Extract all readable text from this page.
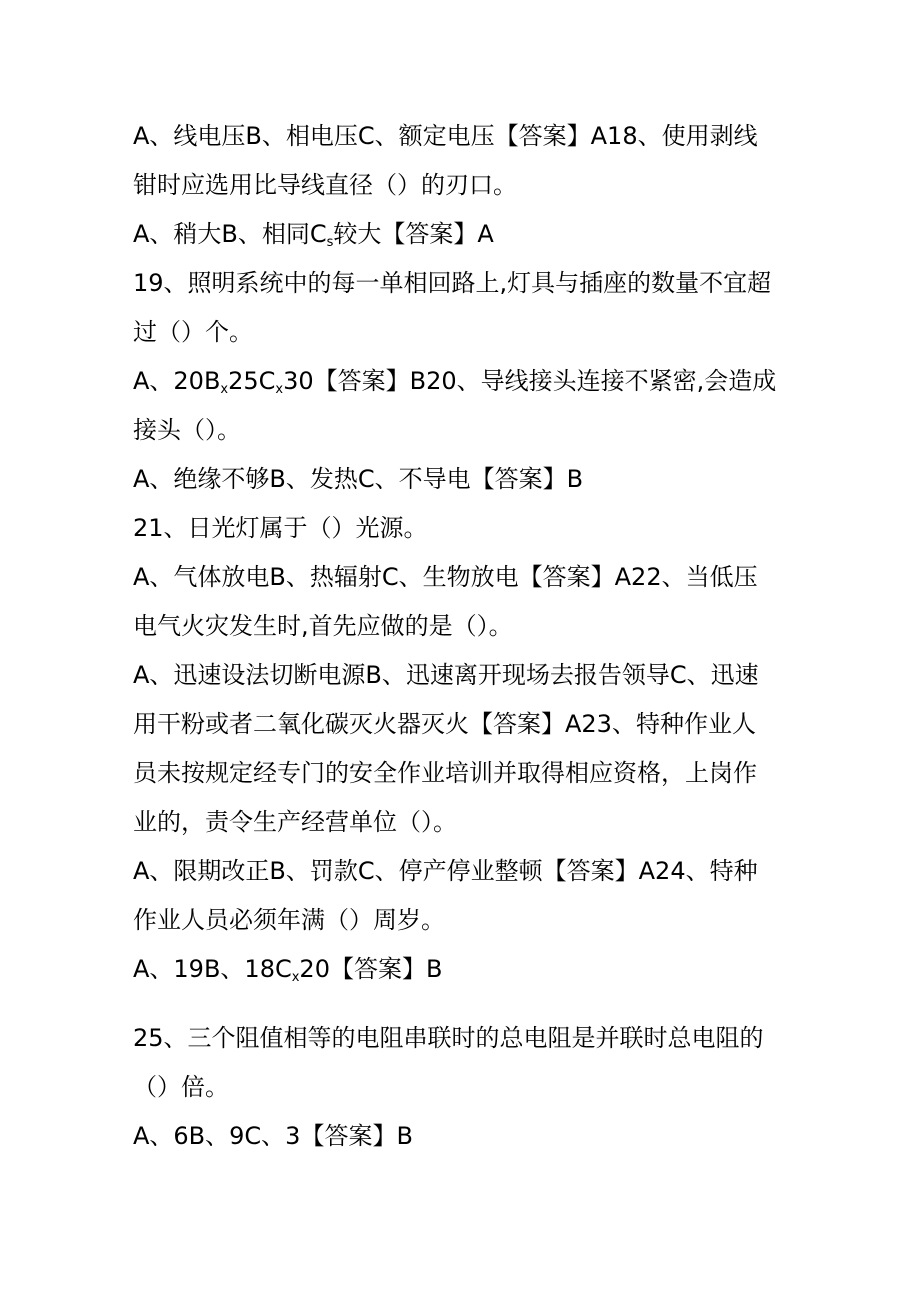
A、线电压B、相电压C、额定电压【答案】A18、使用剥线
钳时应选用比导线直径（）的刃口。
A、稍大B、相同$C_s$较大【答案】A
19、照明系统中的每一单相回路上,灯具与插座的数量不宜超
过（）个。
A、$20B_x25C_x30$【答案】B20、导线接头连接不紧密,会造成
接头（）。
A、绝缘不够B、发热C、不导电【答案】B
21、日光灯属于（）光源。
A、气体放电B、热辐射C、生物放电【答案】A22、当低压
电气火灾发生时,首先应做的是（）。
A、迅速设法切断电源B、迅速离开现场去报告领导C、迅速
用干粉或者二氧化碳灭火器灭火【答案】A23、特种作业人
员未按规定经专门的安全作业培训并取得相应资格，上岗作
业的，责令生产经营单位（）。
A、限期改正B、罚款C、停产停业整顿【答案】A24、特种
作业人员必须年满（）周岁。
A、19B、$18C_x20$【答案】B
25、三个阻值相等的电阻串联时的总电阻是并联时总电阻的
（）倍。
A、6B、9C、3【答案】B
